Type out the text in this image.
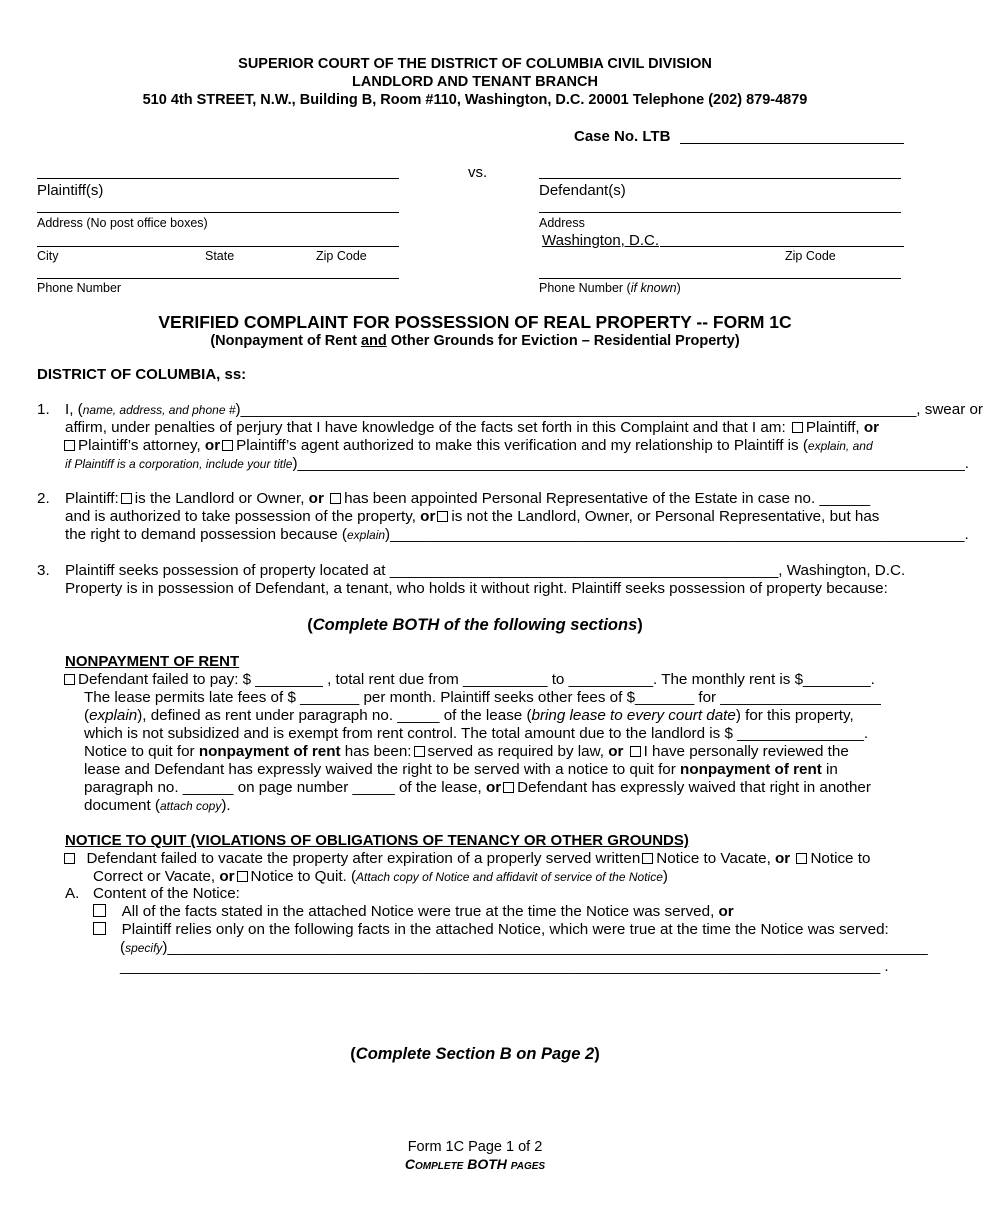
SUPERIOR COURT OF THE DISTRICT OF COLUMBIA CIVIL DIVISION
LANDLORD AND TENANT BRANCH
510 4th STREET, N.W., Building B, Room #110, Washington, D.C. 20001 Telephone (202) 879-4879
Case No. LTB
vs.
Plaintiff(s)
Address (No post office boxes)
City	State	Zip Code
Phone Number
Defendant(s)
Address
Washington, D.C.
Zip Code
Phone Number (if known)
VERIFIED COMPLAINT FOR POSSESSION OF REAL PROPERTY -- FORM 1C
(Nonpayment of Rent and Other Grounds for Eviction – Residential Property)
DISTRICT OF COLUMBIA, ss:
1. I, (name, address, and phone #)________________________________________________________________________________, swear or
affirm, under penalties of perjury that I have knowledge of the facts set forth in this Complaint and that I am: Plaintiff, or
Plaintiff’s attorney, or Plaintiff’s agent authorized to make this verification and my relationship to Plaintiff is (explain, and
if Plaintiff is a corporation, include your title)_______________________________________________________________________________.
2. Plaintiff: is the Landlord or Owner, or has been appointed Personal Representative of the Estate in case no. ______
and is authorized to take possession of the property, or is not the Landlord, Owner, or Personal Representative, but has
the right to demand possession because (explain)____________________________________________________________________.
3. Plaintiff seeks possession of property located at ______________________________________________, Washington, D.C.
Property is in possession of Defendant, a tenant, who holds it without right. Plaintiff seeks possession of property because:
(Complete BOTH of the following sections)
NONPAYMENT OF RENT
Defendant failed to pay: $ ________ , total rent due from __________ to __________. The monthly rent is $________.
The lease permits late fees of $ _______ per month. Plaintiff seeks other fees of $_______ for ___________________
(explain), defined as rent under paragraph no. _____ of the lease (bring lease to every court date) for this property,
which is not subsidized and is exempt from rent control. The total amount due to the landlord is $ _______________.
Notice to quit for nonpayment of rent has been: served as required by law, or I have personally reviewed the
lease and Defendant has expressly waived the right to be served with a notice to quit for nonpayment of rent in
paragraph no. ______ on page number _____ of the lease, or Defendant has expressly waived that right in another
document (attach copy).
NOTICE TO QUIT (VIOLATIONS OF OBLIGATIONS OF TENANCY OR OTHER GROUNDS)
Defendant failed to vacate the property after expiration of a properly served written Notice to Vacate, or Notice to
Correct or Vacate, or Notice to Quit. (Attach copy of Notice and affidavit of service of the Notice)
A. Content of the Notice:
All of the facts stated in the attached Notice were true at the time the Notice was served, or
Plaintiff relies only on the following facts in the attached Notice, which were true at the time the Notice was served:
(specify)__________________________________________________________________________________________
__________________________________________________________________________________________ .
(Complete Section B on Page 2)
Form 1C Page 1 of 2
Complete BOTH pages
